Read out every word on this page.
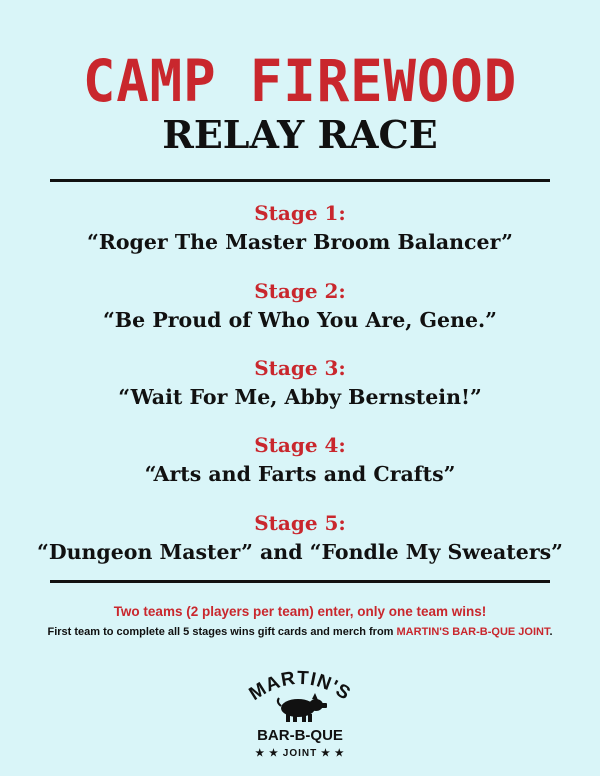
CAMP FIREWOOD
RELAY RACE
Stage 1:
“Roger The Master Broom Balancer”
Stage 2:
“Be Proud of Who You Are, Gene.”
Stage 3:
“Wait For Me, Abby Bernstein!”
Stage 4:
“Arts and Farts and Crafts”
Stage 5:
“Dungeon Master” and “Fondle My Sweaters”
Two teams (2 players per team) enter, only one team wins!
First team to complete all 5 stages wins gift cards and merch from MARTIN'S BAR-B-QUE JOINT.
MARTIN'S
BAR-B-QUE
★ ★ JOINT ★ ★
